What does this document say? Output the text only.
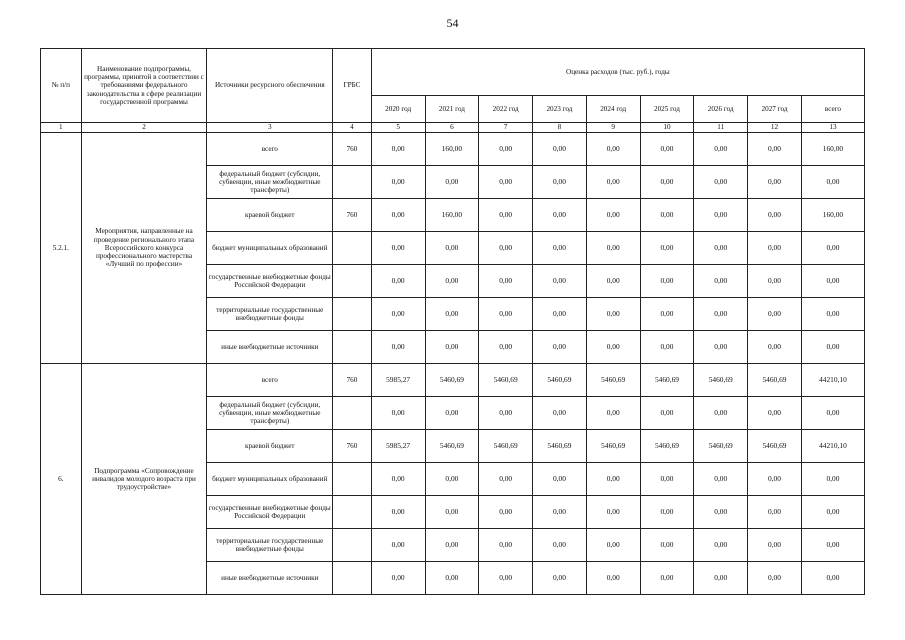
54
№ п/п	Наименование подпрограммы, программы, принятой в соответствии с требованиями федерального законодательства в сфере реализации государственной программы	Источники ресурсного обеспечения	ГРБС	Оценка расходов (тыс. руб.), годы								
				2020 год	2021 год	2022 год	2023 год	2024 год	2025 год	2026 год	2027 год	всего
1	2	3	4	5	6	7	8	9	10	11	12	13
5.2.1.	Мероприятия, направленные на проведение регионального этапа Всероссийского конкурса профессионального мастерства «Лучший по профессии»	всего	760	0,00	160,00	0,00	0,00	0,00	0,00	0,00	0,00	160,00
		федеральный бюджет (субсидии, субвенции, иные межбюджетные трансферты)		0,00	0,00	0,00	0,00	0,00	0,00	0,00	0,00	0,00
		краевой бюджет	760	0,00	160,00	0,00	0,00	0,00	0,00	0,00	0,00	160,00
		бюджет муниципальных образований		0,00	0,00	0,00	0,00	0,00	0,00	0,00	0,00	0,00
		государственные внебюджетные фонды Российской Федерации		0,00	0,00	0,00	0,00	0,00	0,00	0,00	0,00	0,00
		территориальные государственные внебюджетные фонды		0,00	0,00	0,00	0,00	0,00	0,00	0,00	0,00	0,00
		иные внебюджетные источники		0,00	0,00	0,00	0,00	0,00	0,00	0,00	0,00	0,00
6.	Подпрограмма «Сопровождение инвалидов молодого возраста при трудоустройстве»	всего	760	5985,27	5460,69	5460,69	5460,69	5460,69	5460,69	5460,69	5460,69	44210,10
		федеральный бюджет (субсидии, субвенции, иные межбюджетные трансферты)		0,00	0,00	0,00	0,00	0,00	0,00	0,00	0,00	0,00
		краевой бюджет	760	5985,27	5460,69	5460,69	5460,69	5460,69	5460,69	5460,69	5460,69	44210,10
		бюджет муниципальных образований		0,00	0,00	0,00	0,00	0,00	0,00	0,00	0,00	0,00
		государственные внебюджетные фонды Российской Федерации		0,00	0,00	0,00	0,00	0,00	0,00	0,00	0,00	0,00
		территориальные государственные внебюджетные фонды		0,00	0,00	0,00	0,00	0,00	0,00	0,00	0,00	0,00
		иные внебюджетные источники		0,00	0,00	0,00	0,00	0,00	0,00	0,00	0,00	0,00
